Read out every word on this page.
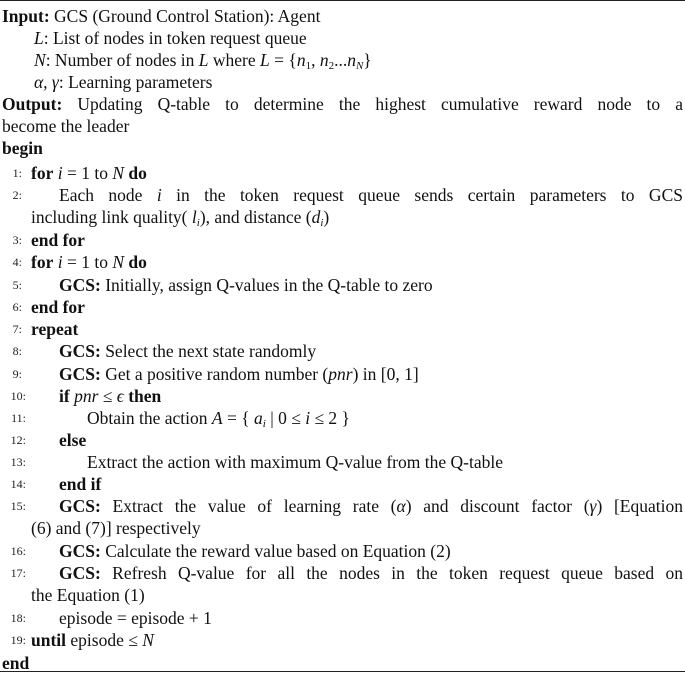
Input: GCS (Ground Control Station): Agent
L: List of nodes in token request queue
N: Number of nodes in L where $L = \{n_1$, $n_2...n_N$}
α, γ: Learning parameters
Output: Updating Q-table to determine the highest cumulative reward node to a
become the leader
begin
1: for i = 1 to N do
2: Each node i in the token request queue sends certain parameters to GCS
including link quality( $l_i$), and distance $(d_i)$
3: end for
4: for i = 1 to N do
5: GCS: Initially, assign Q-values in the Q-table to zero
6: end for
7: repeat
8: GCS: Select the next state randomly
9: GCS: Get a positive random number (pnr) in [0, 1]
10: if pnr ≤ ϵ then
11:	Obtain the action A = { $a_i$ | 0 ≤ i ≤ 2 }
12: else
13:	Extract the action with maximum Q-value from the Q-table
14: end if
15: GCS: Extract the value of learning rate (α) and discount factor (γ) [Equation
(6) and (7)] respectively
16: GCS: Calculate the reward value based on Equation (2)
17: GCS: Refresh Q-value for all the nodes in the token request queue based on
the Equation (1)
18: episode = episode + 1
19: until episode ≤ N
end
